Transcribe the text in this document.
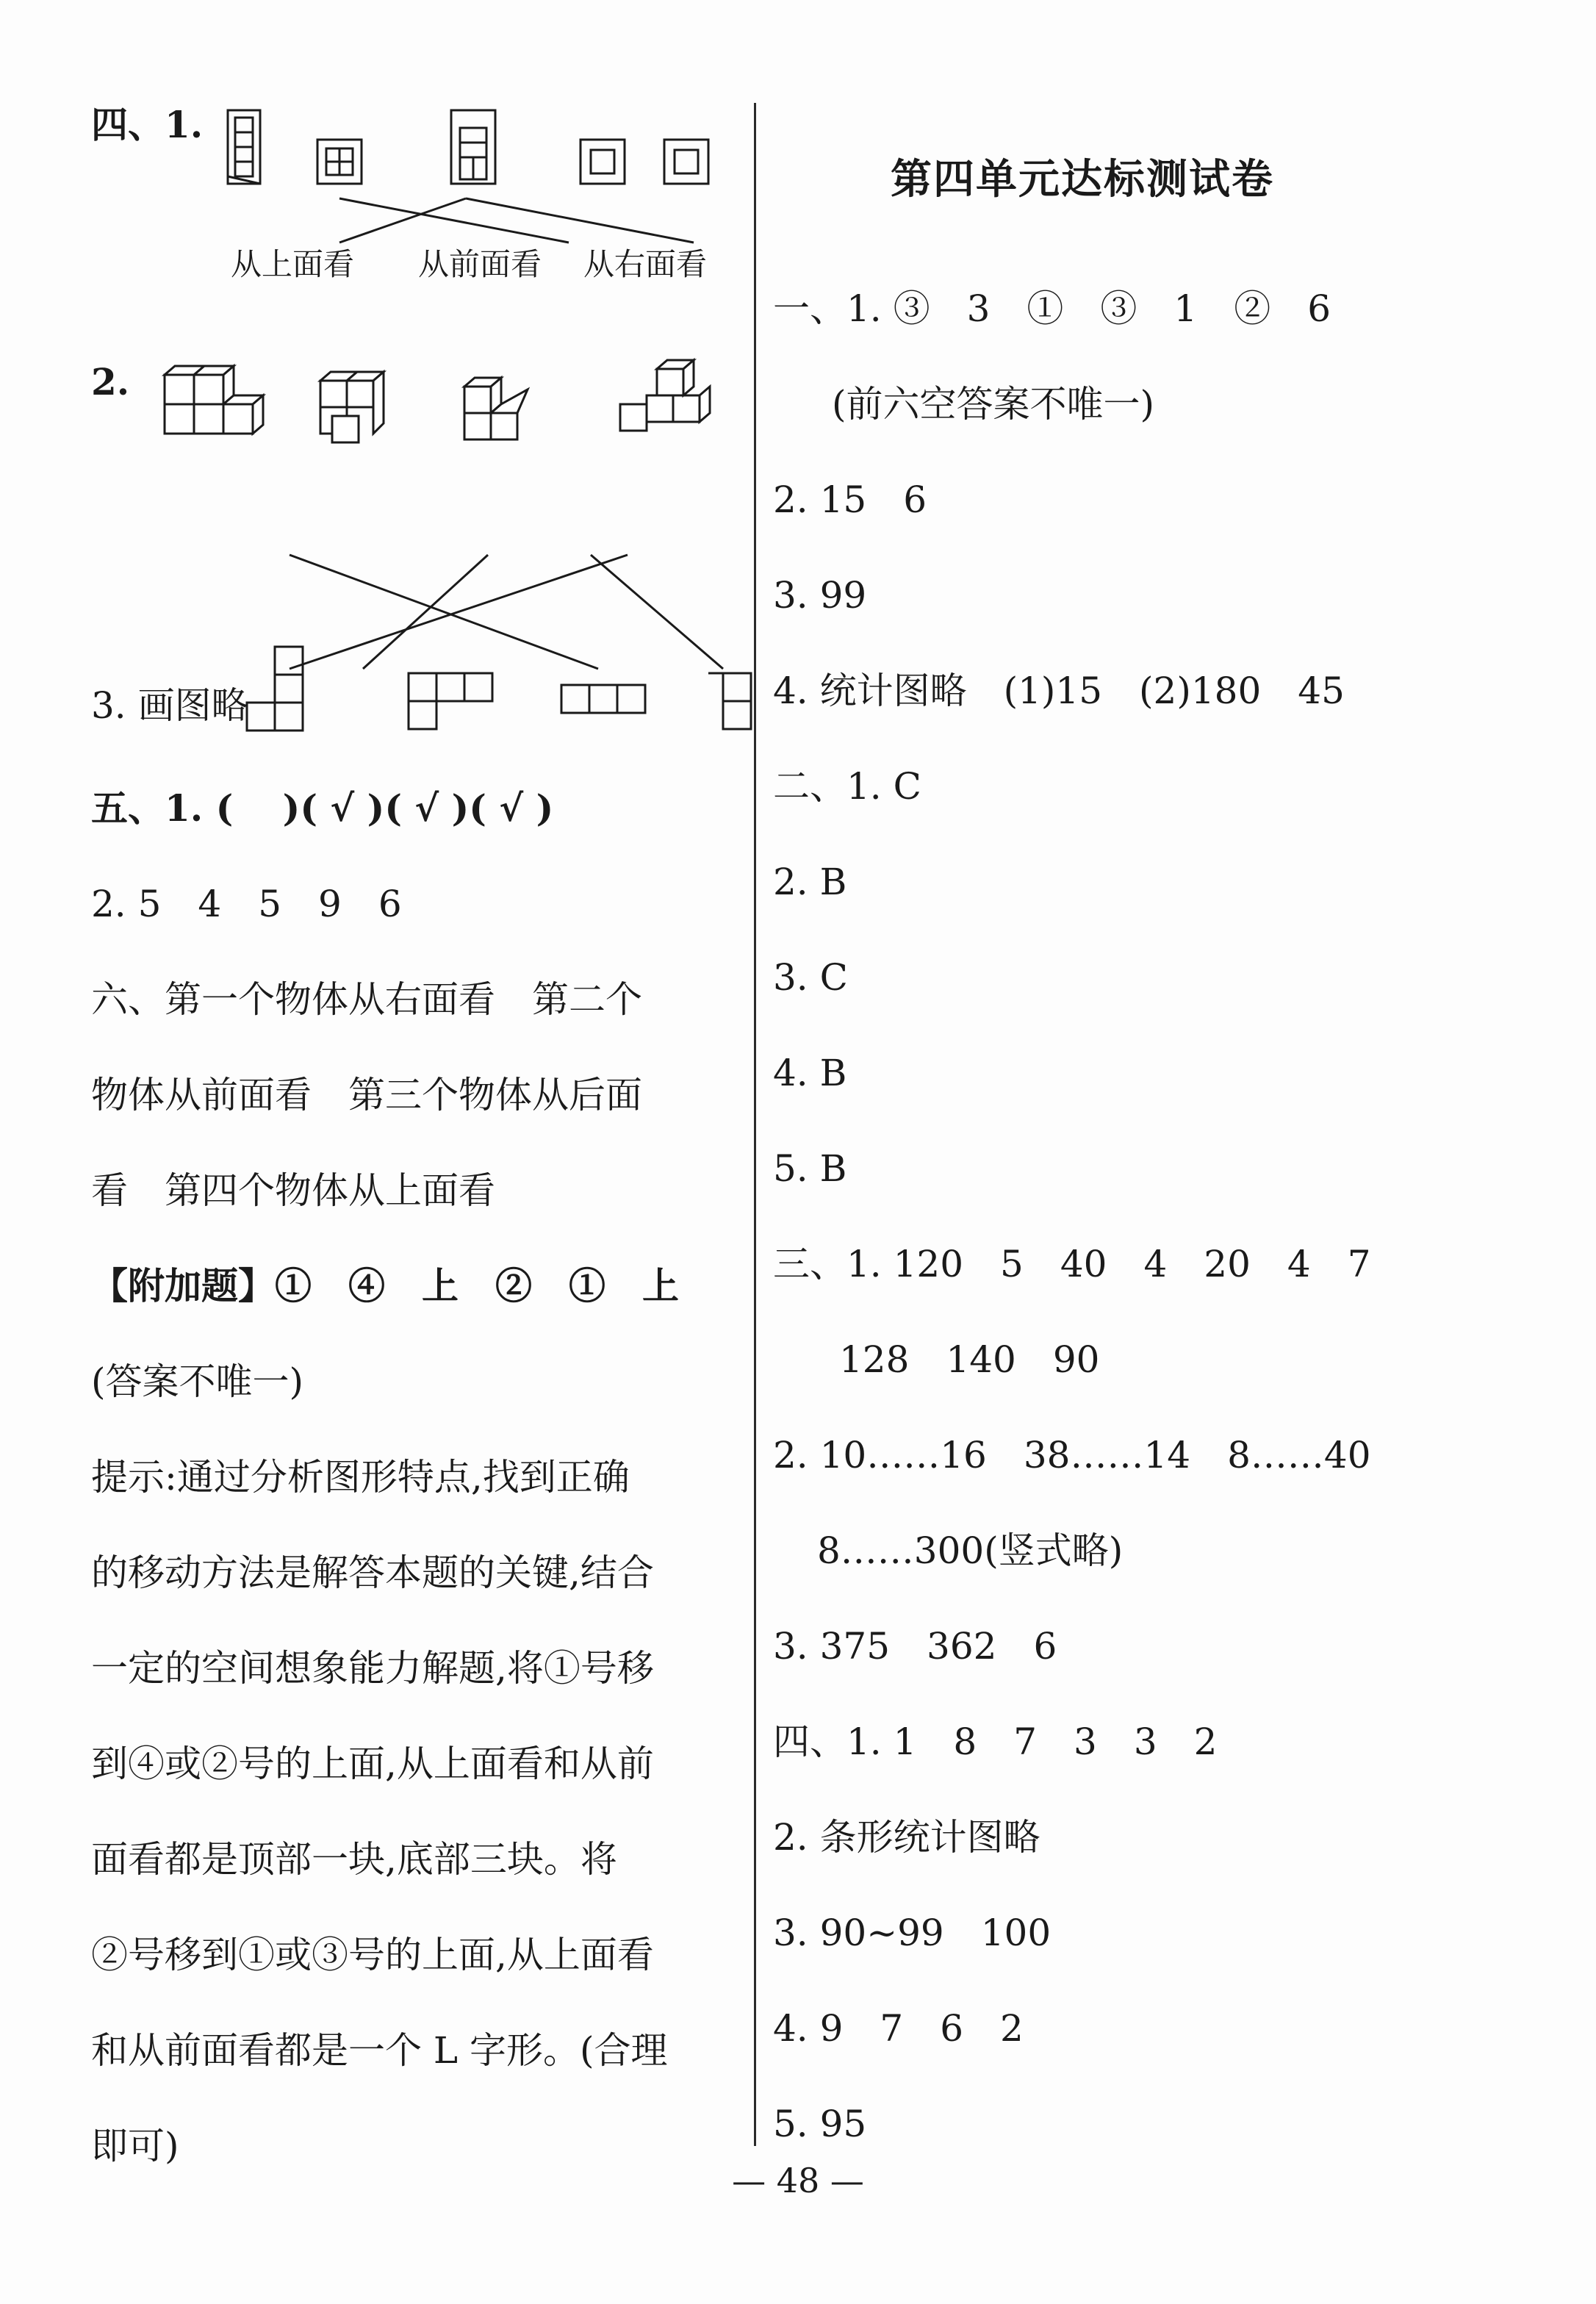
四、1.
从上面看 从前面看 从右面看
2.
3. 画图略
五、1. (　 )( √ )( √ )( √ )
2. 5　4　5　9　6
六、第一个物体从右面看　第二个
物体从前面看　第三个物体从后面
看　第四个物体从上面看
【附加题】①　④　上　②　①　上
(答案不唯一)
提示:通过分析图形特点,找到正确
的移动方法是解答本题的关键,结合
一定的空间想象能力解题,将①号移
到④或②号的上面,从上面看和从前
面看都是顶部一块,底部三块。将
②号移到①或③号的上面,从上面看
和从前面看都是一个 L 字形。(合理
即可)
第四单元达标测试卷
一、1. ③　3　①　③　1　②　6
(前六空答案不唯一)
2. 15　6
3. 99
4. 统计图略　(1)15　(2)180　45
二、1. C
2. B
3. C
4. B
5. B
三、1. 120　5　40　4　20　4　7
128　140　90
2. 10……16　38……14　8……40
8……300(竖式略)
3. 375　362　6
四、1. 1　8　7　3　3　2
2. 条形统计图略
3. 90~99　100
4. 9　7　6　2
5. 95
— 48 —
